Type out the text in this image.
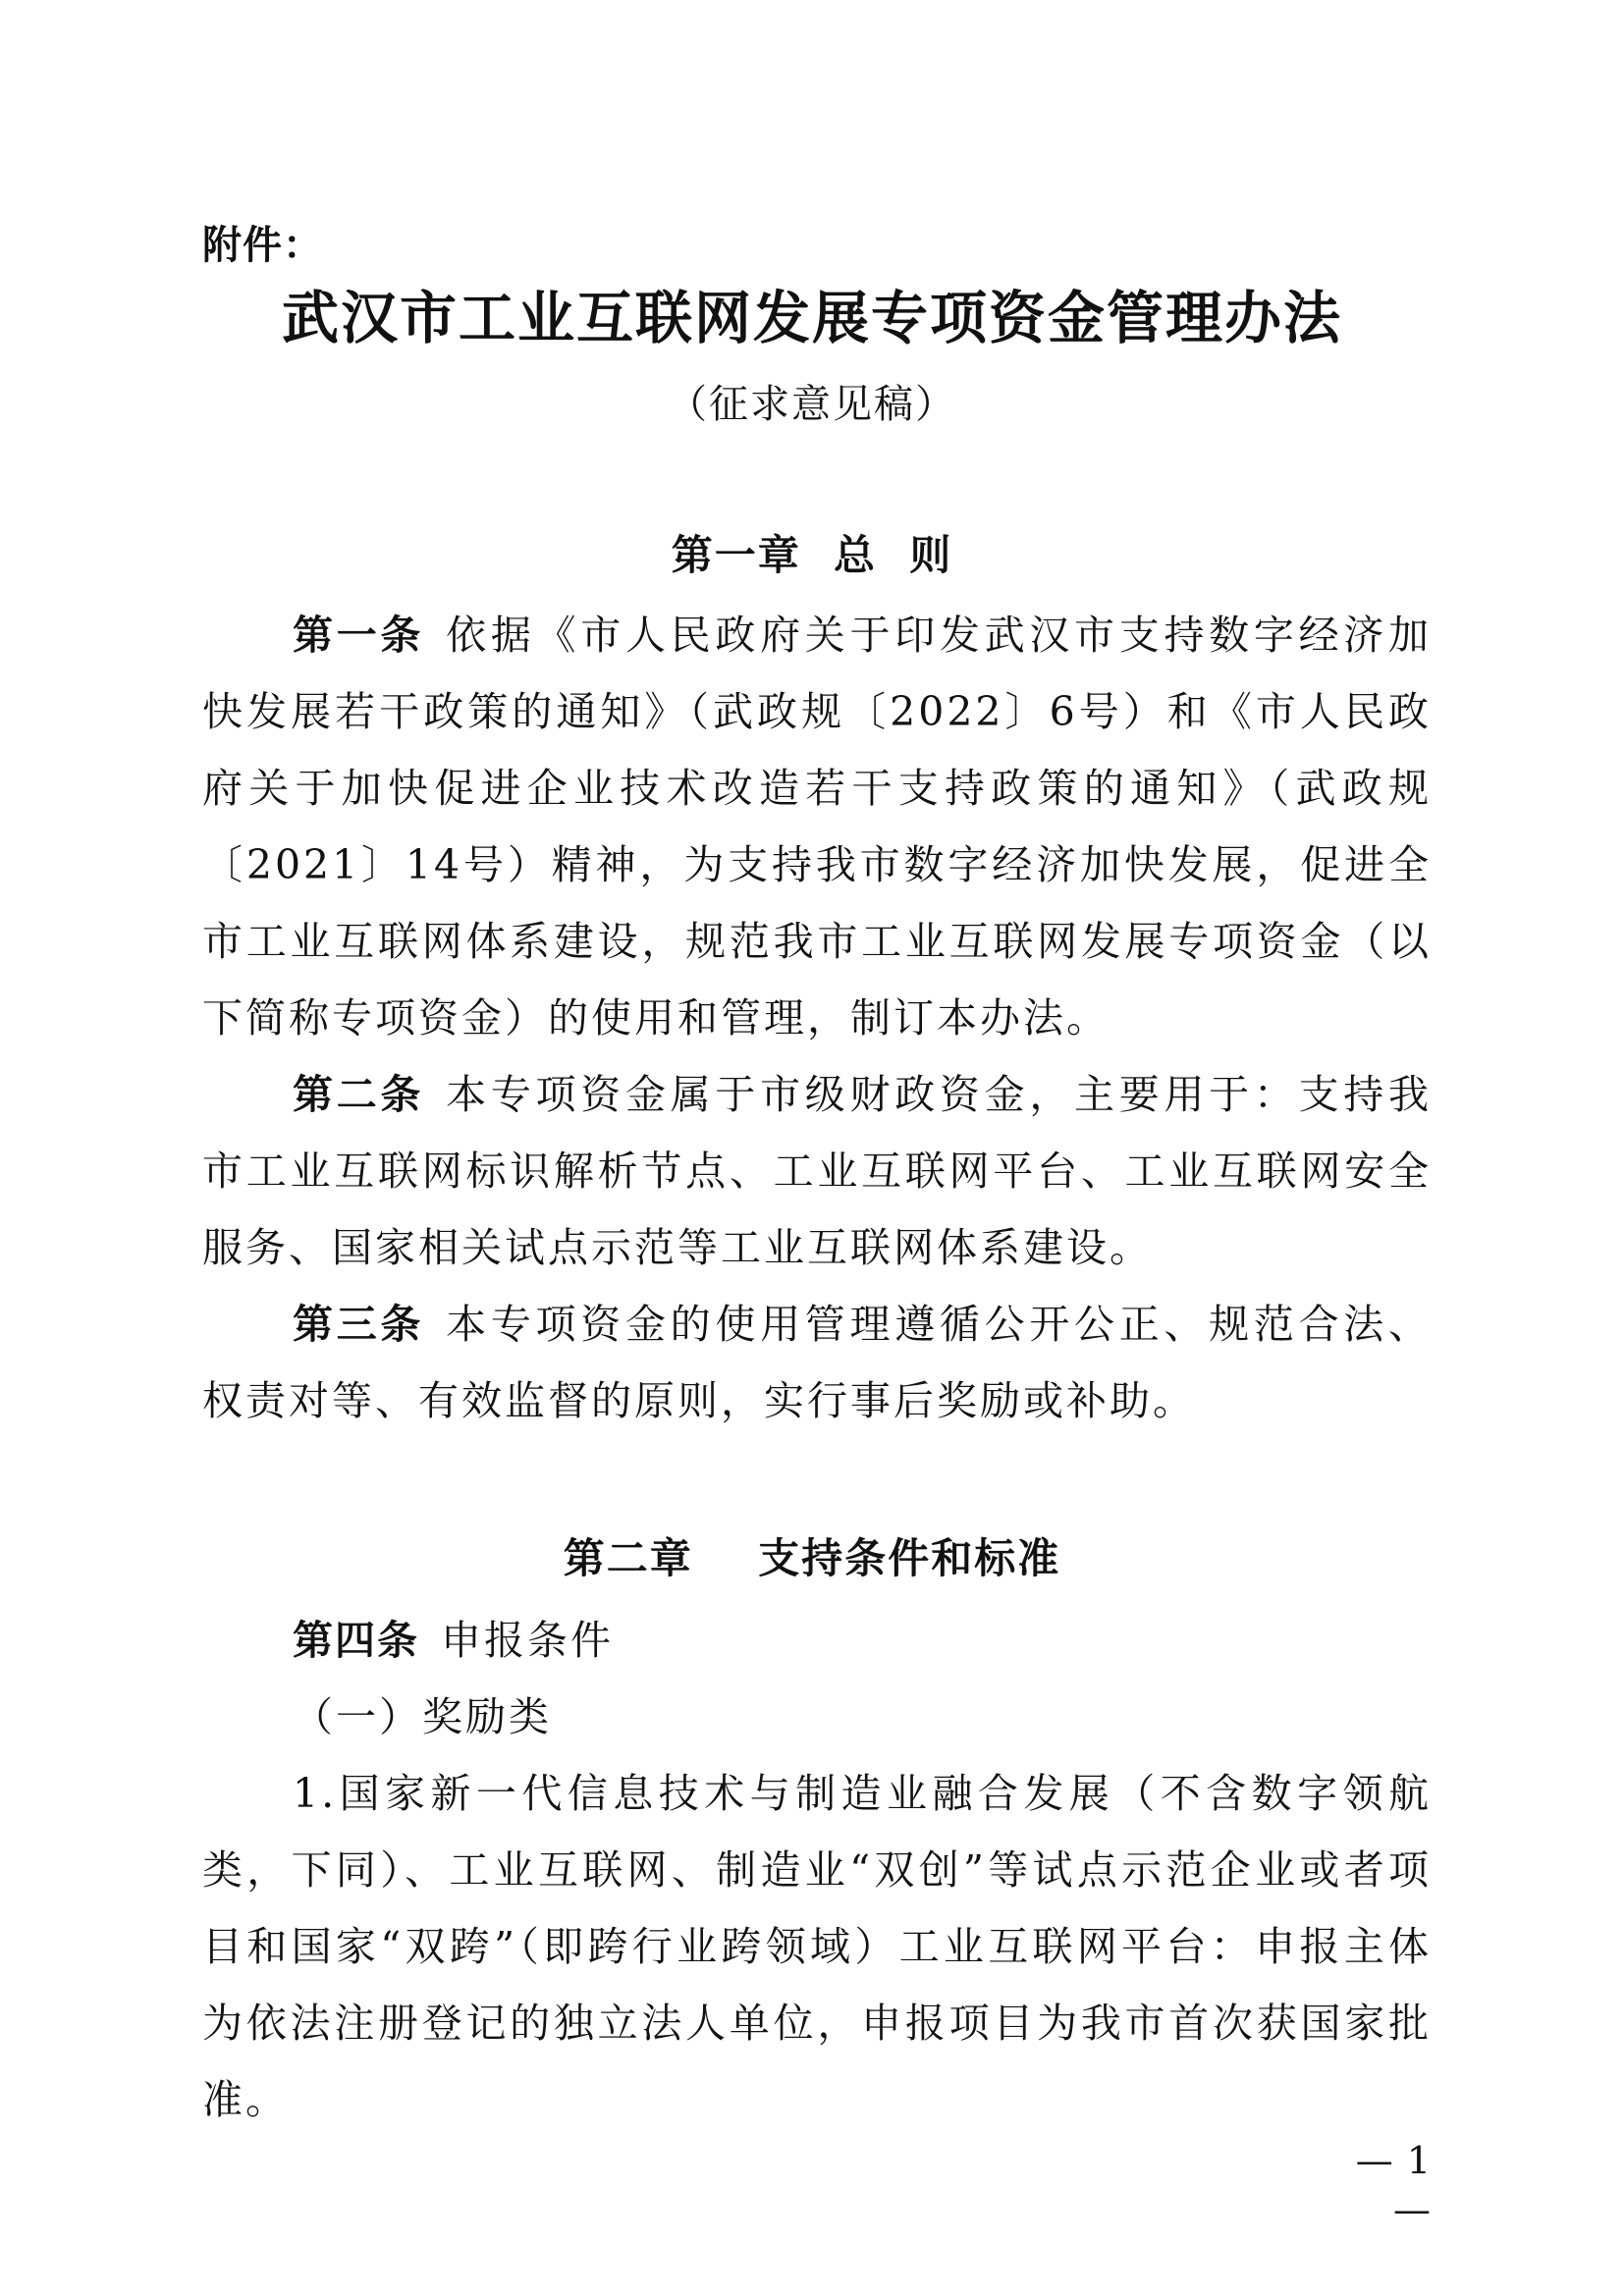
附件：
武汉市工业互联网发展专项资金管理办法
（征求意见稿）
第一章  总  则

第一条 依据《市人民政府关于印发武汉市支持数字经济加快发展若干政策的通知》（武政规〔2022〕6号）和《市人民政府关于加快促进企业技术改造若干支持政策的通知》（武政规〔2021〕14号）精神，为支持我市数字经济加快发展，促进全市工业互联网体系建设，规范我市工业互联网发展专项资金（以下简称专项资金）的使用和管理，制订本办法。

第二条 本专项资金属于市级财政资金，主要用于：支持我市工业互联网标识解析节点、工业互联网平台、工业互联网安全服务、国家相关试点示范等工业互联网体系建设。

第三条 本专项资金的使用管理遵循公开公正、规范合法、权责对等、有效监督的原则，实行事后奖励或补助。

第二章    支持条件和标准

第四条 申报条件

（一）奖励类

1.国家新一代信息技术与制造业融合发展（不含数字领航类，下同）、工业互联网、制造业“双创”等试点示范企业或者项目和国家“双跨”（即跨行业跨领域）工业互联网平台：申报主体为依法注册登记的独立法人单位，申报项目为我市首次获国家批准。

— 1 —
